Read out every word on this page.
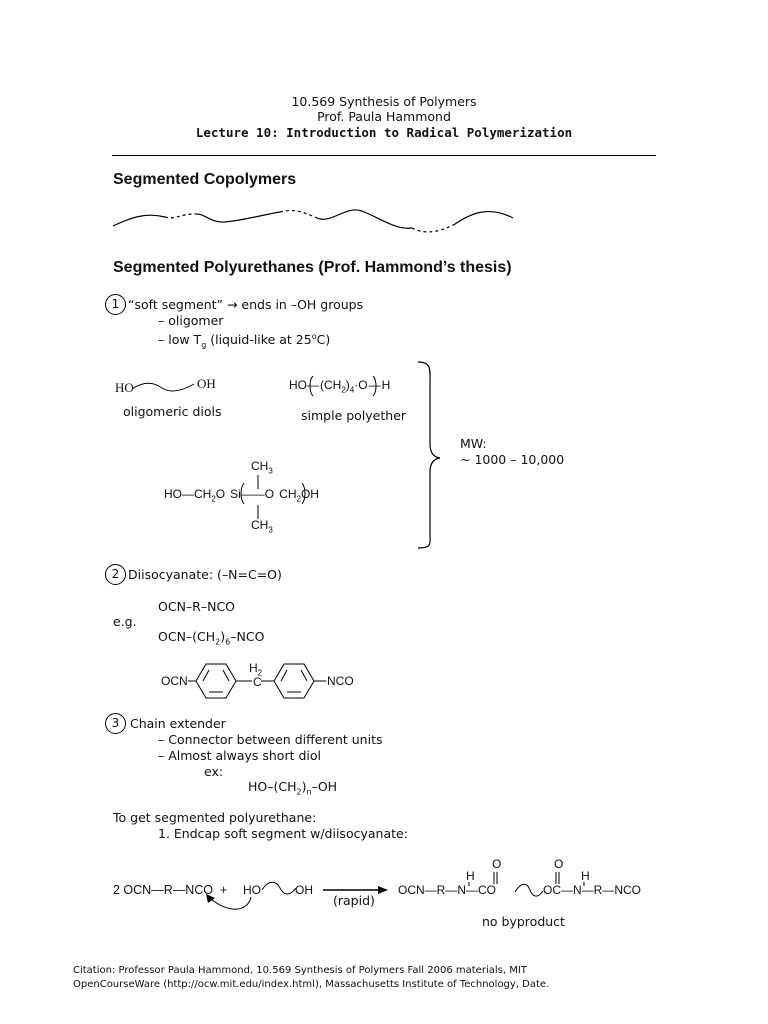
10.569 Synthesis of Polymers
Prof. Paula Hammond
Lecture 10: Introduction to Radical Polymerization
Segmented Copolymers
Segmented Polyurethanes (Prof. Hammond’s thesis)
1 “soft segment” → ends in –OH groups
– oligomer
– low $T_g$ (liquid-like at 25$^o$C)
HO	OH
oligomeric diols
HO— $(CH_2)_4\cdot O$ — H
simple polyether
MW:
~ 1000 – 10,000
$CH_3$
$HO—CH_2O$     Si——O     $CH_2OH$
$CH_3$
2 Diisocyanate: (–N=C=O)
OCN–R–NCO
e.g.
OCN–$(CH_2)_6$–NCO
OCN
$H_2$
C	NCO
3 Chain extender
– Connector between different units
– Almost always short diol
ex:
$HO-(CH_2)_n-OH$
To get segmented polyurethane:
1. Endcap soft segment w/diisocyanate:
2 OCN—R—NCO  + HO	OH
(rapid)
OCN—R—N—CO
H
O
OC—N—R—NCO
O
H
no byproduct
Citation: Professor Paula Hammond, 10.569 Synthesis of Polymers Fall 2006 materials, MIT
OpenCourseWare (http://ocw.mit.edu/index.html), Massachusetts Institute of Technology, Date.
